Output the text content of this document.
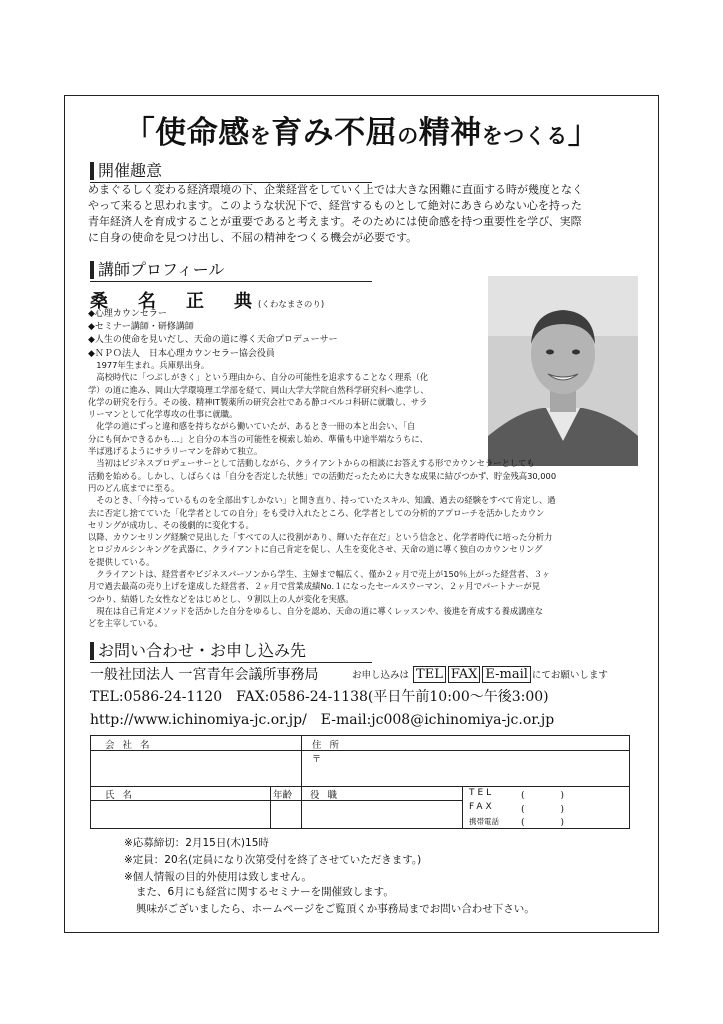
「使命感を育み不屈の精神をつくる」
開催趣意
めまぐるしく変わる経済環境の下、企業経営をしていく上では大きな困難に直面する時が幾度となく
やって来ると思われます。このような状況下で、経営するものとして絶対にあきらめない心を持った
青年経済人を育成することが重要であると考えます。そのためには使命感を持つ重要性を学び、実際
に自身の使命を見つけ出し、不屈の精神をつくる機会が必要です。
講師プロフィール
桑　名　正　典(くわなまさのり)
◆心理カウンセラー
◆セミナー講師・研修講師
◆人生の使命を見いだし、天命の道に導く天命プロデューサー
◆ＮＰＯ法人　日本心理カウンセラー協会役員

　1977年生まれ。兵庫県出身。

　高校時代に「つぶしがきく」という理由から、自分の可能性を追求することなく理系（化

学）の道に進み、岡山大学環境理工学部を経て、岡山大学大学院自然科学研究科へ進学し、

化学の研究を行う。その後、精神IT製薬所の研究会社である静コベルコ科研に就職し、サラ

リーマンとして化学専攻の仕事に就職。

　化学の道にずっと違和感を持ちながら働いていたが、あるとき一冊の本と出会い、「自

分にも何かできるかも…」と自分の本当の可能性を模索し始め、準備も中途半端なうちに、

半ば逃げるようにサラリーマンを辞めて独立。

　当初はビジネスプロデューサーとして活動しながら、クライアントからの相談にお答えする形でカウンセラーとしても

活動を始める。しかし、しばらくは「自分を否定した状態」での活動だったために大きな成果に結びつかず、貯金残高30,000

円のどん底までに至る。

　そのとき、「今持っているものを全部出すしかない」と開き直り、持っていたスキル、知識、過去の経験をすべて肯定し、過

去に否定し捨てていた「化学者としての自分」をも受け入れたところ、化学者としての分析的アプローチを活かしたカウン

セリングが成功し、その後劇的に変化する。

以降、カウンセリング経験で見出した「すべての人に役割があり、輝いた存在だ」という信念と、化学者時代に培った分析力

とロジカルシンキングを武器に、クライアントに自己肯定を促し、人生を変化させ、天命の道に導く独自のカウンセリング

を提供している。

　クライアントは、経営者やビジネスパーソンから学生、主婦まで幅広く、僅か２ヶ月で売上が150％上がった経営者、３ヶ

月で過去最高の売り上げを達成した経営者、２ヶ月で営業成績No.１になったセールスウーマン、２ヶ月でパートナーが見

つかり、結婚した女性などをはじめとし、９割以上の人が変化を実感。

　現在は自己肯定メソッドを活かした自分をゆるし、自分を認め、天命の道に導くレッスンや、後進を育成する養成講座な

どを主宰している。

お問い合わせ・お申し込み先
一般社団法人 一宮青年会議所事務局	お申し込みは TEL FAX E-mail にてお願いします
TEL:0586-24-1120　FAX:0586-24-1138(平日午前10:00～午後3:00)
http://www.ichinomiya-jc.or.jp/　E-mail:jc008@ichinomiya-jc.or.jp
会社名	住所
〒
氏名	年齢 役職	TEL	(　　　　)
FAX	(　　　　)
携帯電話 (　　　　)
※応募締切：2月15日(木)15時
※定員：20名(定員になり次第受付を終了させていただきます。)
※個人情報の目的外使用は致しません。
また、6月にも経営に関するセミナーを開催致します。
興味がございましたら、ホームページをご覧頂くか事務局までお問い合わせ下さい。
